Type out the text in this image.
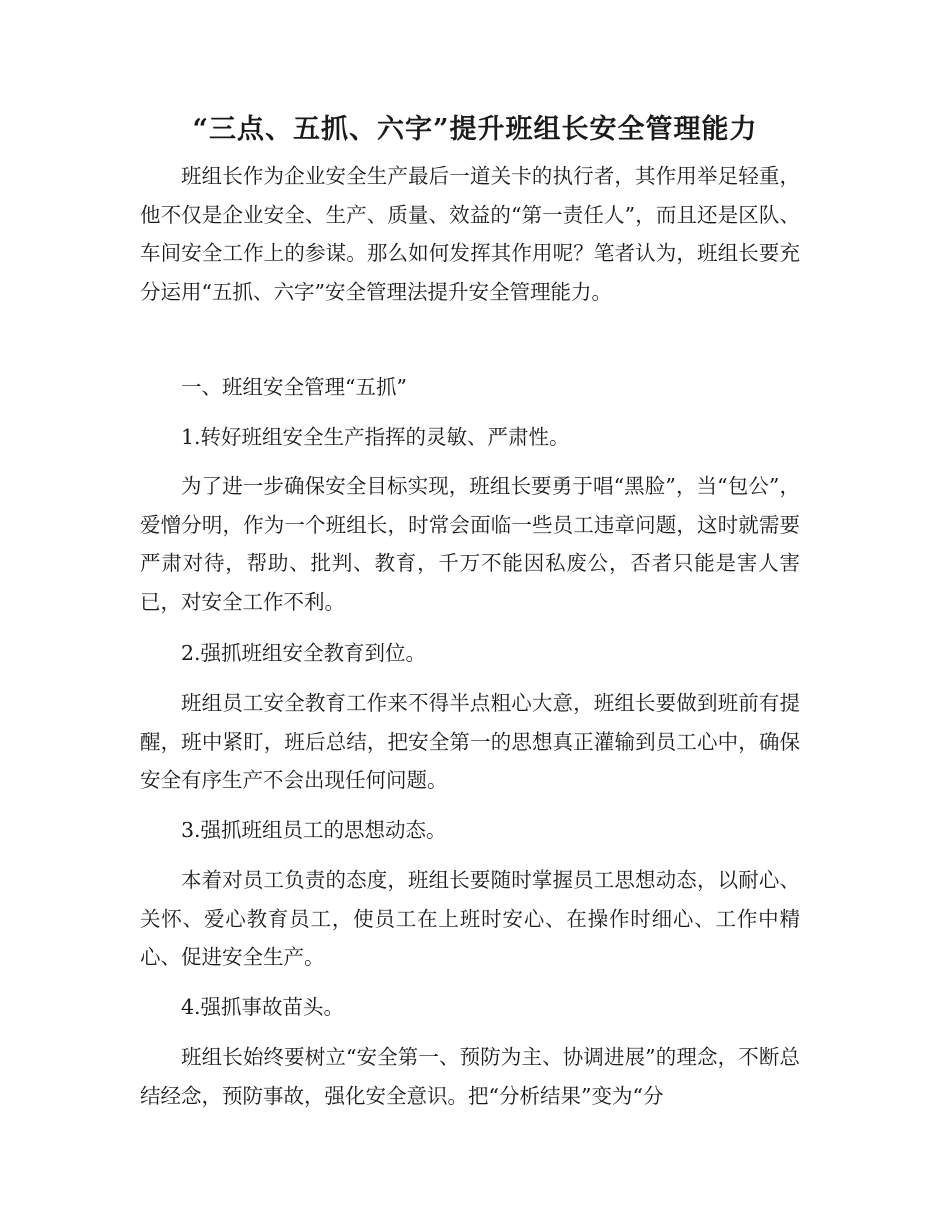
“三点、五抓、六字”提升班组长安全管理能力

班组长作为企业安全生产最后一道关卡的执行者，其作用举足轻重，他不仅是企业安全、生产、质量、效益的“第一责任人”，而且还是区队、车间安全工作上的参谋。那么如何发挥其作用呢？笔者认为，班组长要充分运用“五抓、六字”安全管理法提升安全管理能力。

一、班组安全管理“五抓”

1.转好班组安全生产指挥的灵敏、严肃性。

为了进一步确保安全目标实现，班组长要勇于唱“黑脸”，当“包公”，爱憎分明，作为一个班组长，时常会面临一些员工违章问题，这时就需要严肃对待，帮助、批判、教育，千万不能因私废公，否者只能是害人害已，对安全工作不利。

2.强抓班组安全教育到位。

班组员工安全教育工作来不得半点粗心大意，班组长要做到班前有提醒，班中紧盯，班后总结，把安全第一的思想真正灌输到员工心中，确保安全有序生产不会出现任何问题。

3.强抓班组员工的思想动态。

本着对员工负责的态度，班组长要随时掌握员工思想动态，以耐心、关怀、爱心教育员工，使员工在上班时安心、在操作时细心、工作中精心、促进安全生产。

4.强抓事故苗头。

班组长始终要树立“安全第一、预防为主、协调进展”的理念，不断总结经念，预防事故，强化安全意识。把“分析结果”变为“分
